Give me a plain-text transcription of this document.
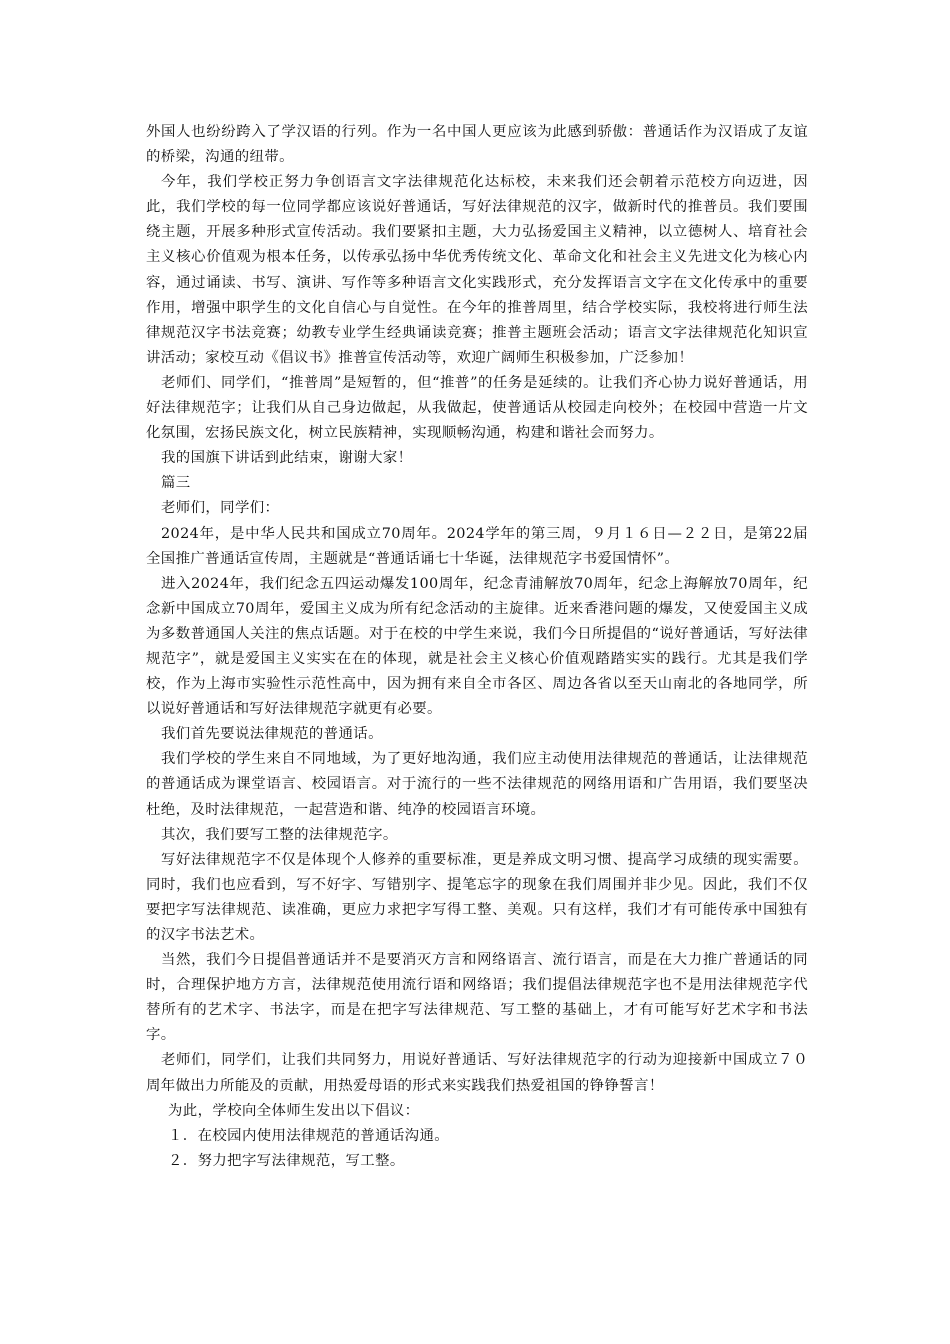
外国人也纷纷跨入了学汉语的行列。作为一名中国人更应该为此感到骄傲：普通话作为汉语成了友谊的桥梁，沟通的纽带。

今年，我们学校正努力争创语言文字法律规范化达标校，未来我们还会朝着示范校方向迈进，因此，我们学校的每一位同学都应该说好普通话，写好法律规范的汉字，做新时代的推普员。我们要围绕主题，开展多种形式宣传活动。我们要紧扣主题，大力弘扬爱国主义精神，以立德树人、培育社会主义核心价值观为根本任务，以传承弘扬中华优秀传统文化、革命文化和社会主义先进文化为核心内容，通过诵读、书写、演讲、写作等多种语言文化实践形式，充分发挥语言文字在文化传承中的重要作用，增强中职学生的文化自信心与自觉性。在今年的推普周里，结合学校实际，我校将进行师生法律规范汉字书法竞赛；幼教专业学生经典诵读竞赛；推普主题班会活动；语言文字法律规范化知识宣讲活动；家校互动《倡议书》推普宣传活动等，欢迎广阔师生积极参加，广泛参加！

老师们、同学们，“推普周”是短暂的，但“推普”的任务是延续的。让我们齐心协力说好普通话，用好法律规范字；让我们从自己身边做起，从我做起，使普通话从校园走向校外；在校园中营造一片文化氛围，宏扬民族文化，树立民族精神，实现顺畅沟通，构建和谐社会而努力。

我的国旗下讲话到此结束，谢谢大家！

篇三

老师们，同学们：

2024年，是中华人民共和国成立70周年。2024学年的第三周，９月１６日—２２日，是第22届全国推广普通话宣传周，主题就是“普通话诵七十华诞，法律规范字书爱国情怀”。

进入2024年，我们纪念五四运动爆发100周年，纪念青浦解放70周年，纪念上海解放70周年，纪念新中国成立70周年，爱国主义成为所有纪念活动的主旋律。近来香港问题的爆发，又使爱国主义成为多数普通国人关注的焦点话题。对于在校的中学生来说，我们今日所提倡的“说好普通话，写好法律规范字”，就是爱国主义实实在在的体现，就是社会主义核心价值观踏踏实实的践行。尤其是我们学校，作为上海市实验性示范性高中，因为拥有来自全市各区、周边各省以至天山南北的各地同学，所以说好普通话和写好法律规范字就更有必要。

我们首先要说法律规范的普通话。

我们学校的学生来自不同地域，为了更好地沟通，我们应主动使用法律规范的普通话，让法律规范的普通话成为课堂语言、校园语言。对于流行的一些不法律规范的网络用语和广告用语，我们要坚决杜绝，及时法律规范，一起营造和谐、纯净的校园语言环境。

其次，我们要写工整的法律规范字。

写好法律规范字不仅是体现个人修养的重要标准，更是养成文明习惯、提高学习成绩的现实需要。同时，我们也应看到，写不好字、写错别字、提笔忘字的现象在我们周围并非少见。因此，我们不仅要把字写法律规范、读准确，更应力求把字写得工整、美观。只有这样，我们才有可能传承中国独有的汉字书法艺术。

当然，我们今日提倡普通话并不是要消灭方言和网络语言、流行语言，而是在大力推广普通话的同时，合理保护地方方言，法律规范使用流行语和网络语；我们提倡法律规范字也不是用法律规范字代替所有的艺术字、书法字，而是在把字写法律规范、写工整的基础上，才有可能写好艺术字和书法字。

老师们，同学们，让我们共同努力，用说好普通话、写好法律规范字的行动为迎接新中国成立７０周年做出力所能及的贡献，用热爱母语的形式来实践我们热爱祖国的铮铮誓言！

为此，学校向全体师生发出以下倡议：

１．在校园内使用法律规范的普通话沟通。

２．努力把字写法律规范，写工整。
